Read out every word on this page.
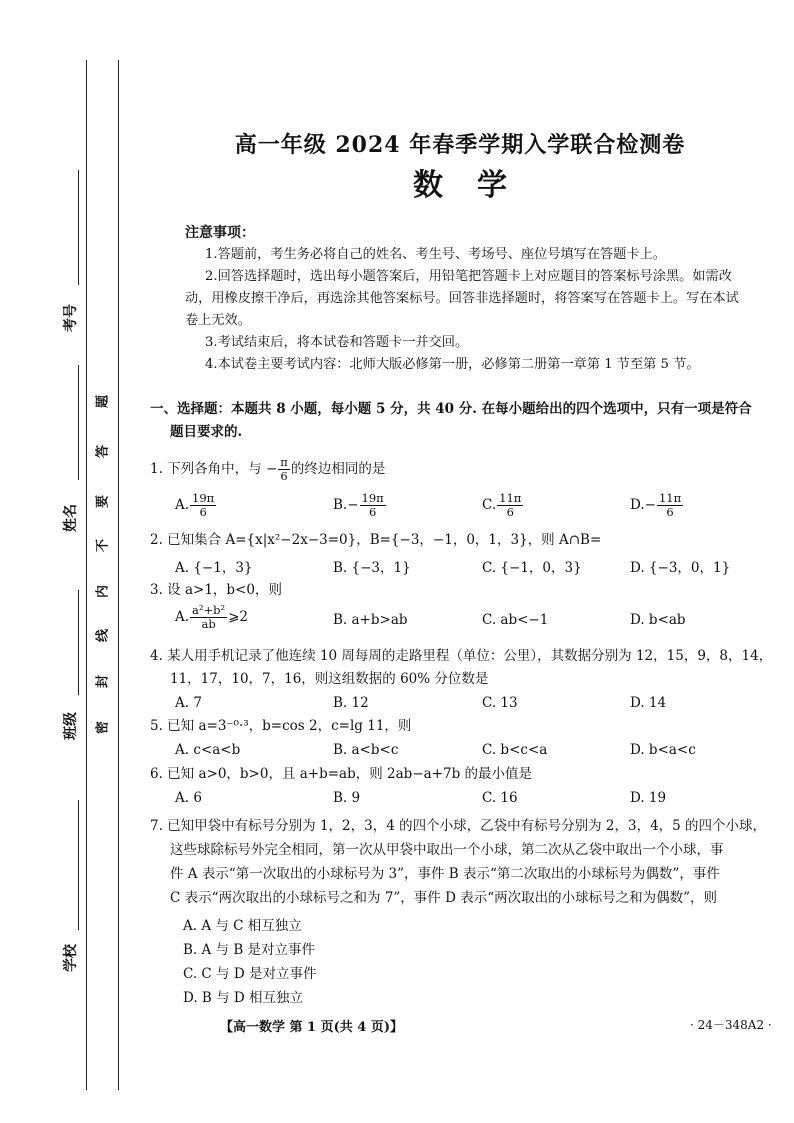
考号
姓名
班级
学校
题
答
要
不
内
线
封
密
高一年级 2024 年春季学期入学联合检测卷
数学
注意事项：
1.答题前，考生务必将自己的姓名、考生号、考场号、座位号填写在答题卡上。
2.回答选择题时，选出每小题答案后，用铅笔把答题卡上对应题目的答案标号涂黑。如需改动，用橡皮擦干净后，再选涂其他答案标号。回答非选择题时，将答案写在答题卡上。写在本试卷上无效。
3.考试结束后，将本试卷和答题卡一并交回。
4.本试卷主要考试内容：北师大版必修第一册，必修第二册第一章第 1 节至第 5 节。
一、选择题：本题共 8 小题，每小题 5 分，共 40 分. 在每小题给出的四个选项中，只有一项是符合
题目要求的.
1. 下列各角中，与 − $\frac{\pi}{6}$ 的终边相同的是
A. $\frac{19\pi}{6}$	$B.- \frac{19\pi}{6}$	C. $\frac{11\pi}{6}$	$D.- \frac{11\pi}{6}$
2. 已知集合 A={x|x²−2x−3=0}，B={−3，−1，0，1，3}，则 A∩B=
A. {−1，3}	B. {−3，1}	C. {−1，0，3}	D. {−3，0，1}
3. 设 a>1，b<0，则
A. $\frac{\text{a²+b²}}{ab}$ ⩾2	B. a+b>ab	C. ab<−1	D. b<ab
4. 某人用手机记录了他连续 10 周每周的走路里程（单位：公里），其数据分别为 12，15，9，8，14，
11，17，10，7，16，则这组数据的 60% 分位数是
A. 7	B. 12	C. 13	D. 14
5. 已知 a=3⁻⁰·³，b=cos 2，c=lg 11，则
A. c<a<b	B. a<b<c	C. b<c<a	D. b<a<c
6. 已知 a>0，b>0，且 a+b=ab，则 2ab−a+7b 的最小值是
A. 6	B. 9	C. 16	D. 19
7. 已知甲袋中有标号分别为 1，2，3，4 的四个小球，乙袋中有标号分别为 2，3，4，5 的四个小球，
这些球除标号外完全相同，第一次从甲袋中取出一个小球，第二次从乙袋中取出一个小球，事
件 A 表示“第一次取出的小球标号为 3”，事件 B 表示“第二次取出的小球标号为偶数”，事件
C 表示“两次取出的小球标号之和为 7”，事件 D 表示“两次取出的小球标号之和为偶数”，则
A. A 与 C 相互独立
B. A 与 B 是对立事件
C. C 与 D 是对立事件
D. B 与 D 相互独立
【高一数学 第 1 页(共 4 页)】	· 24－348A2 ·
